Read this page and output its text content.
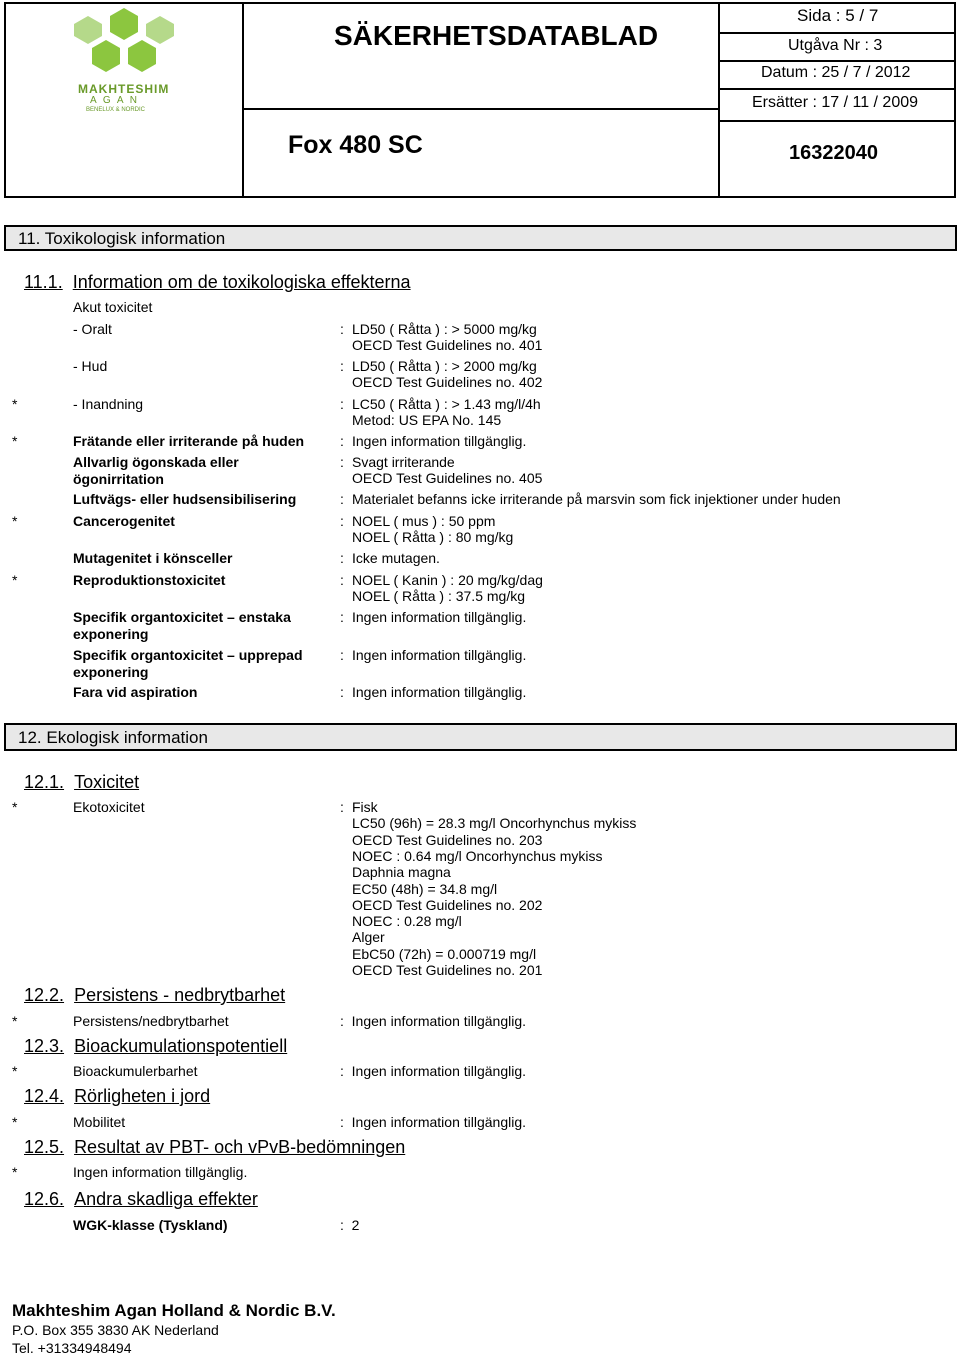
MAKHTESHIM
A G A N
BENELUX & NORDIC
SÄKERHETSDATABLAD
Fox 480 SC
Sida : 5 / 7
Utgåva Nr : 3
Datum : 25 / 7 / 2012
Ersätter : 17 / 11 / 2009
16322040
11. Toxikologisk information
11.1. Information om de toxikologiska effekterna
Akut toxicitet
- Oralt	: LD50 ( Råtta ) : > 5000 mg/kg
OECD Test Guidelines no. 401
- Hud	: LD50 ( Råtta ) : > 2000 mg/kg
OECD Test Guidelines no. 402
*	- Inandning	: LC50 ( Råtta ) : > 1.43 mg/l/4h
Metod: US EPA No. 145
*	Frätande eller irriterande på huden	: Ingen information tillgänglig.
Allvarlig ögonskada eller
ögonirritation
: Svagt irriterande
OECD Test Guidelines no. 405
Luftvägs- eller hudsensibilisering	: Materialet befanns icke irriterande på marsvin som fick injektioner under huden
*	Cancerogenitet	: NOEL ( mus ) : 50 ppm
NOEL ( Råtta ) : 80 mg/kg
Mutagenitet i könsceller	: Icke mutagen.
*	Reproduktionstoxicitet	: NOEL ( Kanin ) : 20 mg/kg/dag
NOEL ( Råtta ) : 37.5 mg/kg
Specifik organtoxicitet – enstaka
exponering
: Ingen information tillgänglig.
Specifik organtoxicitet – upprepad
exponering
: Ingen information tillgänglig.
Fara vid aspiration	: Ingen information tillgänglig.
12. Ekologisk information
12.1. Toxicitet
*	Ekotoxicitet	: Fisk
LC50 (96h) = 28.3 mg/l Oncorhynchus mykiss
OECD Test Guidelines no. 203
NOEC : 0.64 mg/l Oncorhynchus mykiss
Daphnia magna
EC50 (48h) = 34.8 mg/l
OECD Test Guidelines no. 202
NOEC : 0.28 mg/l
Alger
EbC50 (72h) = 0.000719 mg/l
OECD Test Guidelines no. 201
12.2. Persistens - nedbrytbarhet
*	Persistens/nedbrytbarhet	:  Ingen information tillgänglig.
12.3. Bioackumulationspotentiell
*	Bioackumulerbarhet	:  Ingen information tillgänglig.
12.4. Rörligheten i jord
*	Mobilitet	:  Ingen information tillgänglig.
12.5. Resultat av PBT- och vPvB-bedömningen
*	Ingen information tillgänglig.
12.6. Andra skadliga effekter
WGK-klasse (Tyskland)	:  2
Makhteshim Agan Holland & Nordic B.V.
P.O. Box 355 3830 AK Nederland
Tel. +31334948494
